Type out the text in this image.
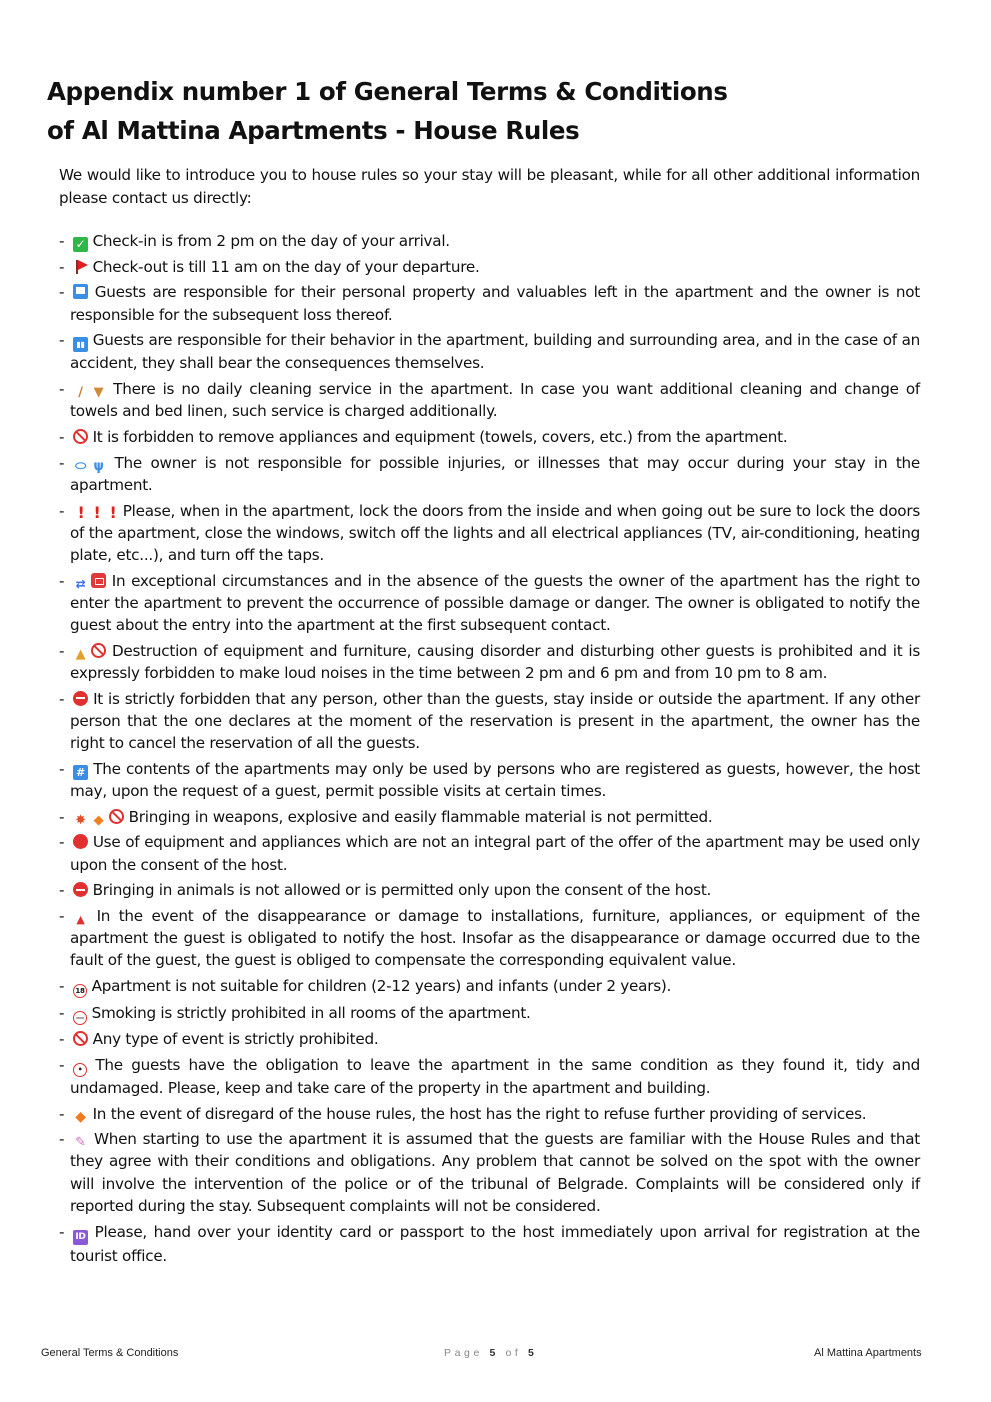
Appendix number 1 of General Terms & Conditions
of Al Mattina Apartments - House Rules

We would like to introduce you to house rules so your stay will be pleasant, while for all other additional information please contact us directly:

- ✓ Check-in is from 2 pm on the day of your arrival.
- Check-out is till 11 am on the day of your departure.
- Guests are responsible for their personal property and valuables left in the apartment and the owner is not responsible for the subsequent loss thereof.
- ▮▮ Guests are responsible for their behavior in the apartment, building and surrounding area, and in the case of an accident, they shall bear the consequences themselves.
- ∕ ▼	There is no daily cleaning service in the apartment. In case you want additional cleaning and change of towels and bed linen, such service is charged additionally.
- It is forbidden to remove appliances and equipment (towels, covers, etc.) from the apartment.
- ⬭ ψ	The owner is not responsible for possible injuries, or illnesses that may occur during your stay in the apartment.
- ! ! !	Please, when in the apartment, lock the doors from the inside and when going out be sure to lock the doors of the apartment, close the windows, switch off the lights and all electrical appliances (TV, air-conditioning, heating plate, etc...), and turn off the taps.
- ⇄	In exceptional circumstances and in the absence of the guests the owner of the apartment has the right to enter the apartment to prevent the occurrence of possible damage or danger. The owner is obligated to notify the guest about the entry into the apartment at the first subsequent contact.
- ▲ 🔔	Destruction of equipment and furniture, causing disorder and disturbing other guests is prohibited and it is expressly forbidden to make loud noises in the time between 2 pm and 6 pm and from 10 pm to 8 am.
- It is strictly forbidden that any person, other than the guests, stay inside or outside the apartment. If any other person that the one declares at the moment of the reservation is present in the apartment, the owner has the right to cancel the reservation of all the guests.
- # The contents of the apartments may only be used by persons who are registered as guests, however, the host may, upon the request of a guest, permit possible visits at certain times.
- ✸ ◆	Bringing in weapons, explosive and easily flammable material is not permitted.
- Use of equipment and appliances which are not an integral part of the offer of the apartment may be used only upon the consent of the host.
- Bringing in animals is not allowed or is permitted only upon the consent of the host.
- ▲ In the event of the disappearance or damage to installations, furniture, appliances, or equipment of the apartment the guest is obligated to notify the host. Insofar as the disappearance or damage occurred due to the fault of the guest, the guest is obliged to compensate the corresponding equivalent value.
- 18 Apartment is not suitable for children (2-12 years) and infants (under 2 years).
- ― Smoking is strictly prohibited in all rooms of the apartment.
- Any type of event is strictly prohibited.
- • The guests have the obligation to leave the apartment in the same condition as they found it, tidy and undamaged. Please, keep and take care of the property in the apartment and building.
- ◆ In the event of disregard of the house rules, the host has the right to refuse further providing of services.
- ✎ When starting to use the apartment it is assumed that the guests are familiar with the House Rules and that they agree with their conditions and obligations. Any problem that cannot be solved on the spot with the owner will involve the intervention of the police or of the tribunal of Belgrade. Complaints will be considered only if reported during the stay. Subsequent complaints will not be considered.
- ID Please, hand over your identity card or passport to the host immediately upon arrival for registration at the tourist office.

General Terms & Conditions	Page 5 of 5	Al Mattina Apartments
